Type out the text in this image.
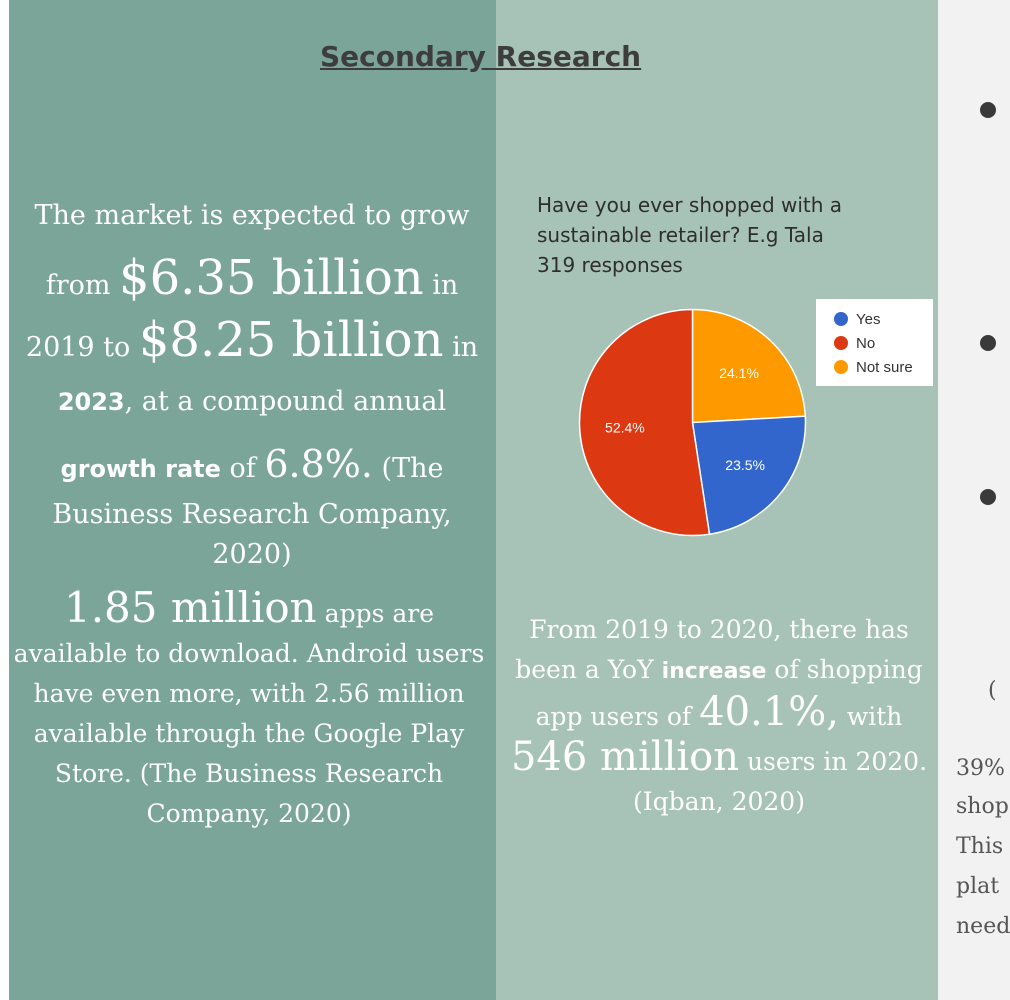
Secondary Research
The market is expected to grow
from $6.35 billion in
2019 to $8.25 billion in
2023, at a compound annual
growth rate of 6.8%. (The
Business Research Company, 2020)
1.85 million apps are available to download. Android users have even more, with 2.56 million available through the Google Play Store. (The Business Research Company, 2020)
Have you ever shopped with a sustainable retailer? E.g Tala
319 responses
24.1%
23.5%
52.4%
Yes
No
Not sure
From 2019 to 2020, there has been a YoY increase of shopping app users of 40.1%, with
546 million users in 2020.
(Iqban, 2020)
(
39%
shop
This
plat
need
